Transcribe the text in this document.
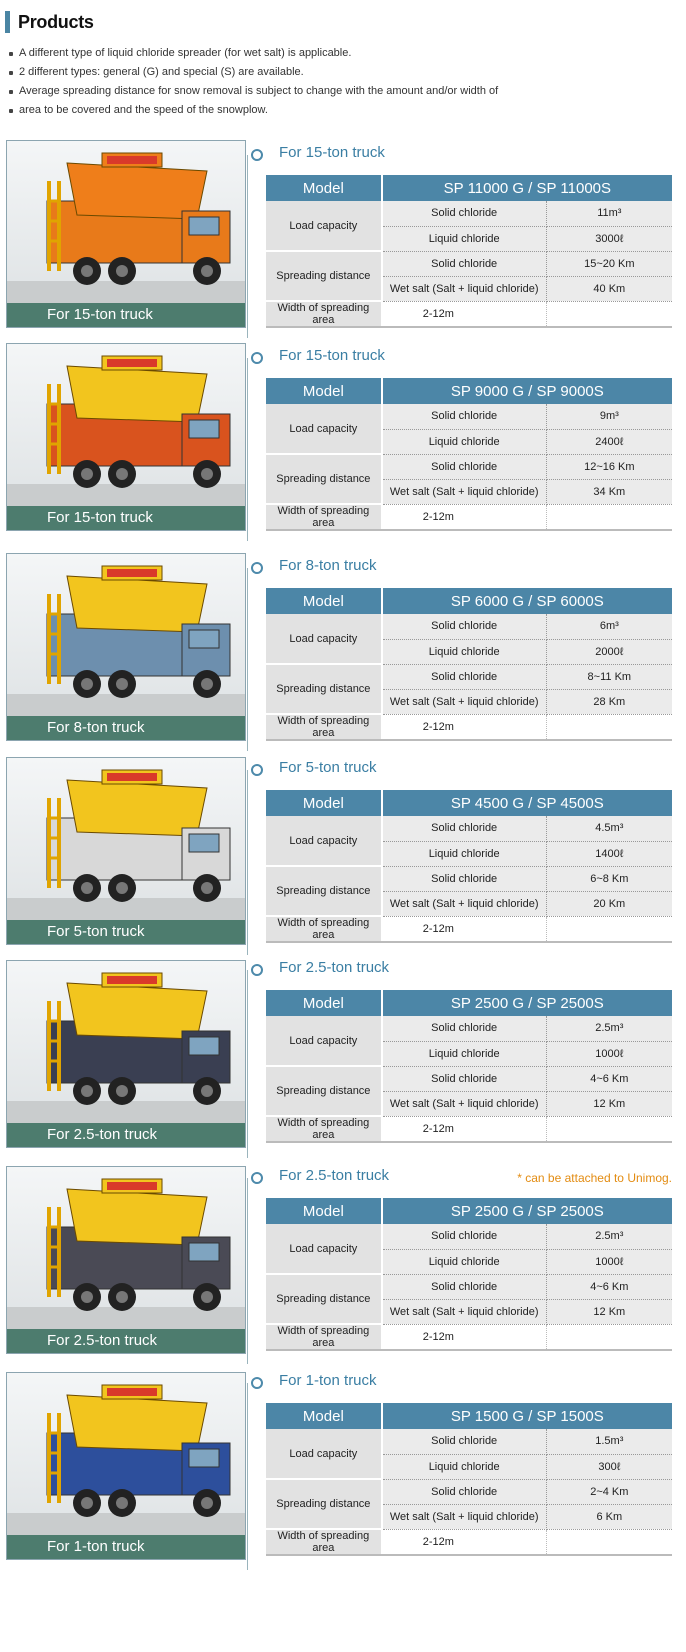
Products
A different type of liquid chloride spreader (for wet salt) is applicable.
2 different types: general (G) and special (S) are available.
Average spreading distance for snow removal is subject to change with the amount and/or width of
area to be covered and the speed of the snowplow.
For 15-ton truck
For 15-ton truck
Model	SP 11000 G / SP 11000S	
Load capacity	Solid chloride	11m³
	Liquid chloride	3000ℓ
Spreading distance	Solid chloride	15~20 Km
	Wet salt (Salt + liquid chloride)	40 Km
Width of spreading area	2-12m	
For 15-ton truck
For 15-ton truck
Model	SP 9000 G / SP 9000S	
Load capacity	Solid chloride	9m³
	Liquid chloride	2400ℓ
Spreading distance	Solid chloride	12~16 Km
	Wet salt (Salt + liquid chloride)	34 Km
Width of spreading area	2-12m	
For 8-ton truck
For 8-ton truck
Model	SP 6000 G / SP 6000S	
Load capacity	Solid chloride	6m³
	Liquid chloride	2000ℓ
Spreading distance	Solid chloride	8~11 Km
	Wet salt (Salt + liquid chloride)	28 Km
Width of spreading area	2-12m	
For 5-ton truck
For 5-ton truck
Model	SP 4500 G / SP 4500S	
Load capacity	Solid chloride	4.5m³
	Liquid chloride	1400ℓ
Spreading distance	Solid chloride	6~8 Km
	Wet salt (Salt + liquid chloride)	20 Km
Width of spreading area	2-12m	
For 2.5-ton truck
For 2.5-ton truck
Model	SP 2500 G / SP 2500S	
Load capacity	Solid chloride	2.5m³
	Liquid chloride	1000ℓ
Spreading distance	Solid chloride	4~6 Km
	Wet salt (Salt + liquid chloride)	12 Km
Width of spreading area	2-12m	
For 2.5-ton truck
For 2.5-ton truck	* can be attached to Unimog.
Model	SP 2500 G / SP 2500S	
Load capacity	Solid chloride	2.5m³
	Liquid chloride	1000ℓ
Spreading distance	Solid chloride	4~6 Km
	Wet salt (Salt + liquid chloride)	12 Km
Width of spreading area	2-12m	
For 1-ton truck
For 1-ton truck
Model	SP 1500 G / SP 1500S	
Load capacity	Solid chloride	1.5m³
	Liquid chloride	300ℓ
Spreading distance	Solid chloride	2~4 Km
	Wet salt (Salt + liquid chloride)	6 Km
Width of spreading area	2-12m	
